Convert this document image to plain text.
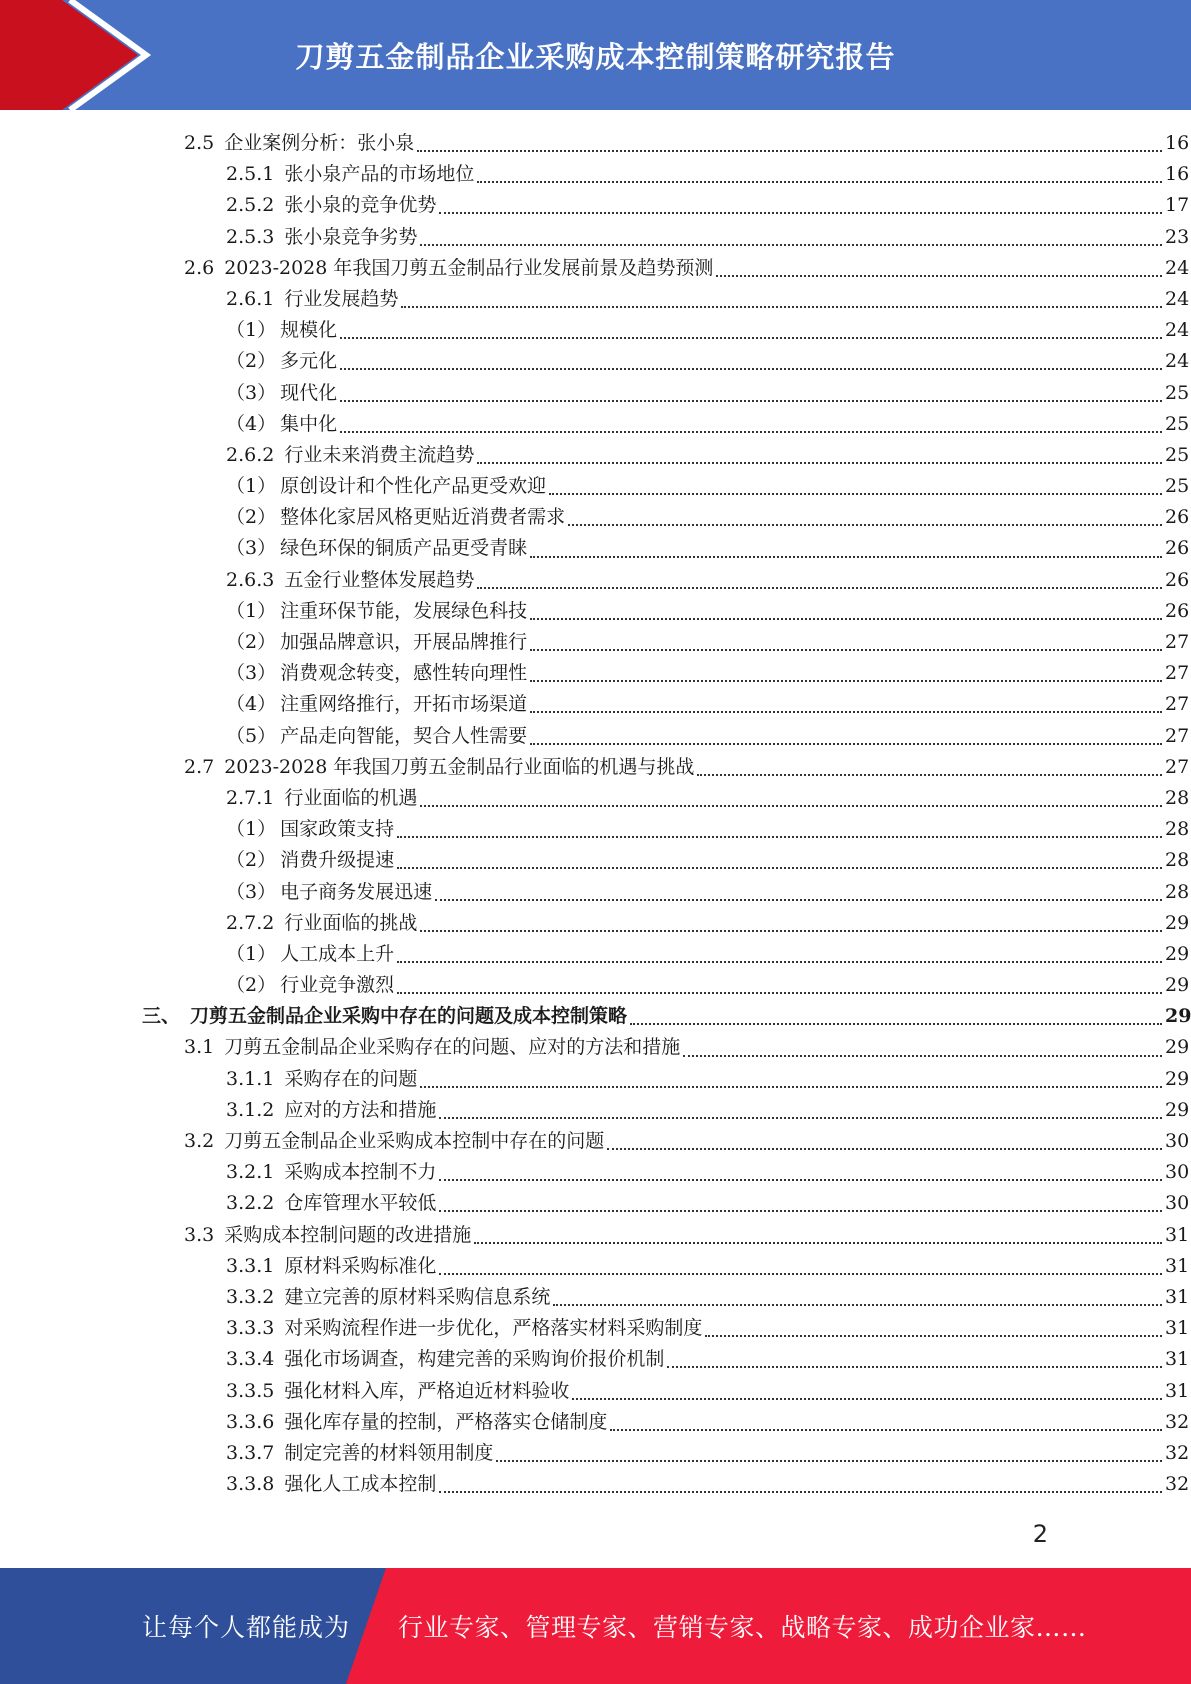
刀剪五金制品企业采购成本控制策略研究报告
2.5 企业案例分析：张小泉	16
2.5.1 张小泉产品的市场地位	16
2.5.2 张小泉的竞争优势	17
2.5.3 张小泉竞争劣势	23
2.6 2023-2028 年我国刀剪五金制品行业发展前景及趋势预测	24
2.6.1 行业发展趋势	24
（1） 规模化	24
（2） 多元化	24
（3） 现代化	25
（4） 集中化	25
2.6.2 行业未来消费主流趋势	25
（1） 原创设计和个性化产品更受欢迎	25
（2） 整体化家居风格更贴近消费者需求	26
（3） 绿色环保的铜质产品更受青睐	26
2.6.3 五金行业整体发展趋势	26
（1） 注重环保节能，发展绿色科技	26
（2） 加强品牌意识，开展品牌推行	27
（3） 消费观念转变，感性转向理性	27
（4） 注重网络推行，开拓市场渠道	27
（5） 产品走向智能，契合人性需要	27
2.7 2023-2028 年我国刀剪五金制品行业面临的机遇与挑战	27
2.7.1 行业面临的机遇	28
（1） 国家政策支持	28
（2） 消费升级提速	28
（3） 电子商务发展迅速	28
2.7.2 行业面临的挑战	29
（1） 人工成本上升	29
（2） 行业竞争激烈	29
三、 刀剪五金制品企业采购中存在的问题及成本控制策略	29
3.1 刀剪五金制品企业采购存在的问题、应对的方法和措施	29
3.1.1 采购存在的问题	29
3.1.2 应对的方法和措施	29
3.2 刀剪五金制品企业采购成本控制中存在的问题	30
3.2.1 采购成本控制不力	30
3.2.2 仓库管理水平较低	30
3.3 采购成本控制问题的改进措施	31
3.3.1 原材料采购标准化	31
3.3.2 建立完善的原材料采购信息系统	31
3.3.3 对采购流程作进一步优化，严格落实材料采购制度	31
3.3.4 强化市场调查，构建完善的采购询价报价机制	31
3.3.5 强化材料入库，严格迫近材料验收	31
3.3.6 强化库存量的控制，严格落实仓储制度	32
3.3.7 制定完善的材料领用制度	32
3.3.8 强化人工成本控制	32
2
让每个人都能成为 行业专家、管理专家、营销专家、战略专家、成功企业家……
